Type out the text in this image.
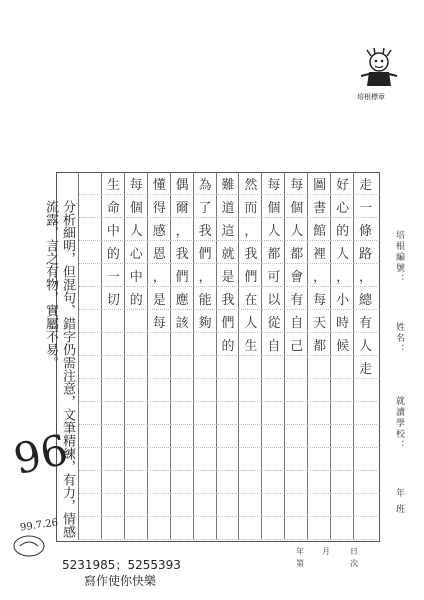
培根標章
走
一
條
路
，
總
有
人
走
好
心
的
人
，
小
時
候
圖
書
館
裡
，
每
天
都
每
個
人
都
會
有
自
己
每
個
人
都
可
以
從
自
然
而
，
我
們
在
人
生
難
道
這
就
是
我
們
的
為
了
我
們
，
能
夠
偶
爾
，
我
們
應
該
懂
得
感
恩
，
是
每
每
個
人
心
中
的
生
命
中
的
一
切
培根編號：
姓名：
就讀學校：
年 班
分析細明，但混句、錯字仍需注意，文筆精練，有力，情感流露，言之有物，實屬不易。
96
99.7.26
年 月	日
第	次
5231985；5255393
寫作使你快樂
